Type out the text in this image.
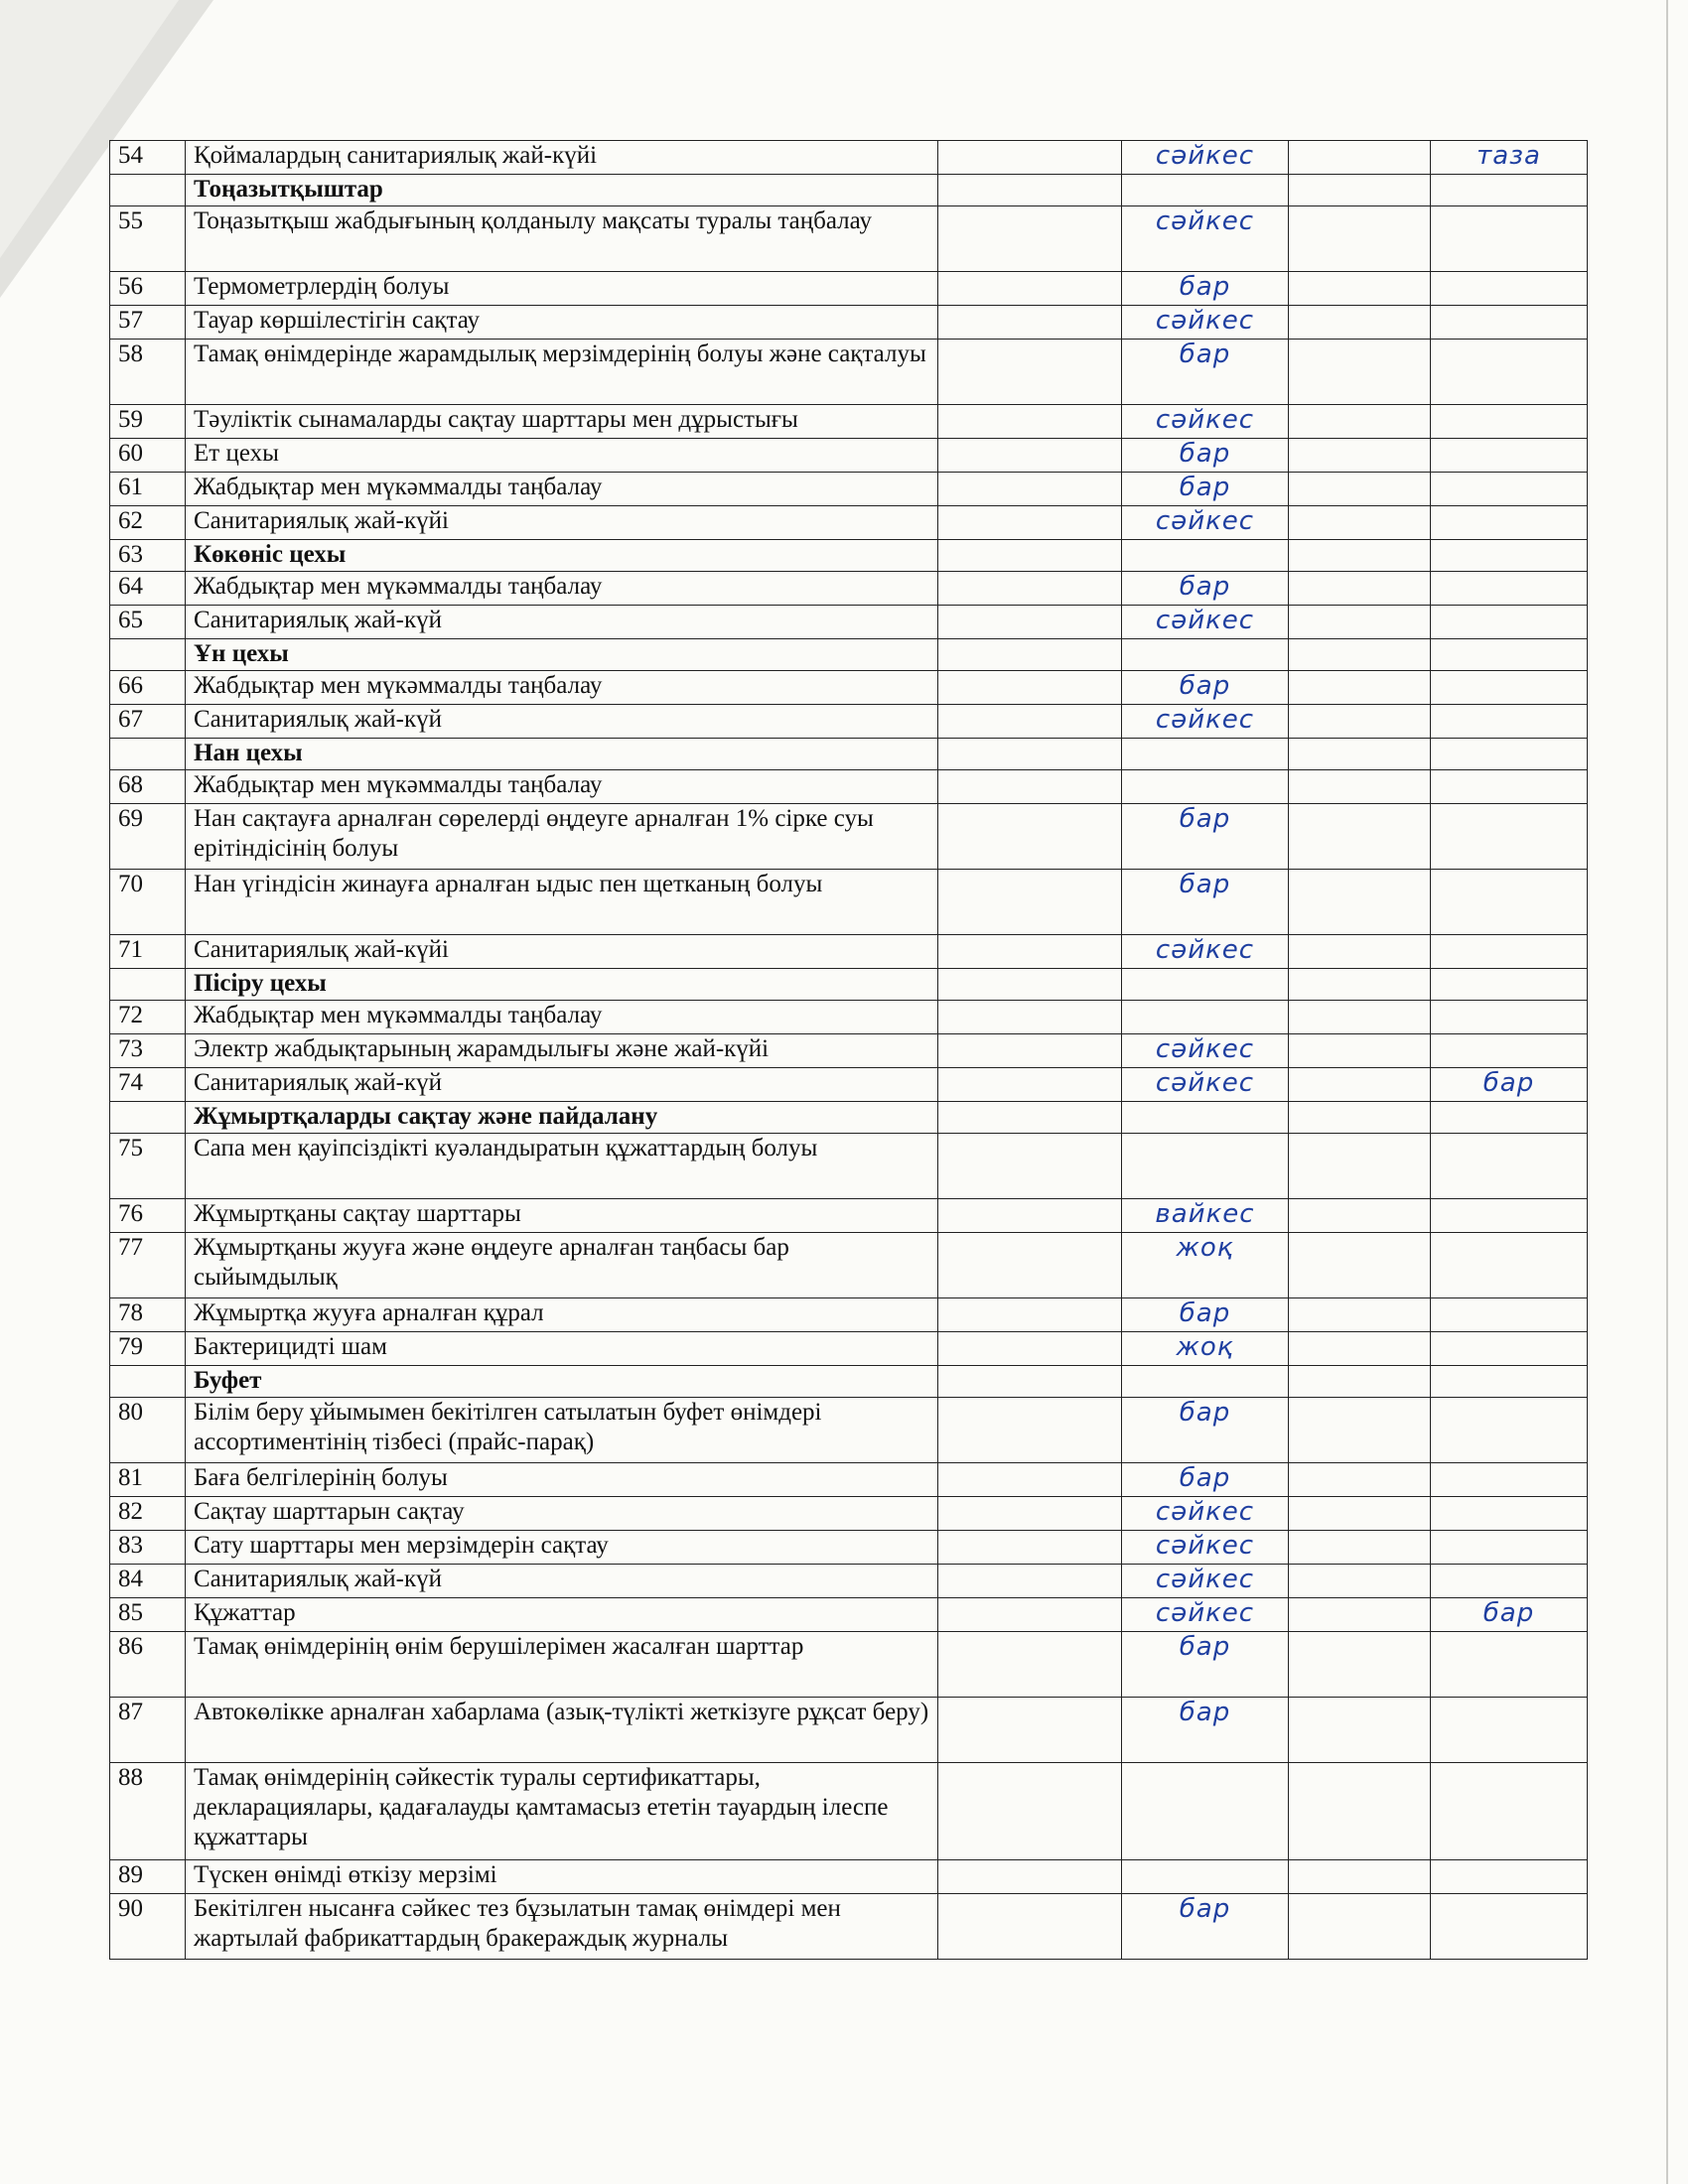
54	Қоймалардың санитариялық жай-күйі		сәйкес		таза
	Тоңазытқыштар				
55	Тоңазытқыш жабдығының қолданылу мақсаты туралы таңбалау		сәйкес		
56	Термометрлердің болуы		бар		
57	Тауар көршілестігін сақтау		сәйкес		
58	Тамақ өнімдерінде жарамдылық мерзімдерінің болуы және сақталуы		бар		
59	Тәуліктік сынамаларды сақтау шарттары мен дұрыстығы		сәйкес		
60	Ет цехы		бар		
61	Жабдықтар мен мүкәммалды таңбалау		бар		
62	Санитариялық жай-күйі		сәйкес		
63	Көкөніс цехы				
64	Жабдықтар мен мүкәммалды таңбалау		бар		
65	Санитариялық жай-күй		сәйкес		
	Ұн цехы				
66	Жабдықтар мен мүкәммалды таңбалау		бар		
67	Санитариялық жай-күй		сәйкес		
	Нан цехы				
68	Жабдықтар мен мүкәммалды таңбалау				
69	Нан сақтауға арналған сөрелерді өңдеуге арналған 1% сірке суы ерітіндісінің болуы		бар		
70	Нан үгіндісін жинауға арналған ыдыс пен щетканың болуы		бар		
71	Санитариялық жай-күйі		сәйкес		
	Пісіру цехы				
72	Жабдықтар мен мүкәммалды таңбалау				
73	Электр жабдықтарының жарамдылығы және жай-күйі		сәйкес		
74	Санитариялық жай-күй		сәйкес		бар
	Жұмыртқаларды сақтау және пайдалану				
75	Сапа мен қауіпсіздікті куәландыратын құжаттардың болуы				
76	Жұмыртқаны сақтау шарттары		вайкес		
77	Жұмыртқаны жууға және өңдеуге арналған таңбасы бар сыйымдылық		жоқ		
78	Жұмыртқа жууға арналған құрал		бар		
79	Бактерицидті шам		жоқ		
	Буфет				
80	Білім беру ұйымымен бекітілген сатылатын буфет өнімдері ассортиментінің тізбесі (прайс-парақ)		бар		
81	Баға белгілерінің болуы		бар		
82	Сақтау шарттарын сақтау		сәйкес		
83	Сату шарттары мен мерзімдерін сақтау		сәйкес		
84	Санитариялық жай-күй		сәйкес		
85	Құжаттар		сәйкес		бар
86	Тамақ өнімдерінің өнім берушілерімен жасалған шарттар		бар		
87	Автокөлікке арналған хабарлама (азық-түлікті жеткізуге рұқсат беру)		бар		
88	Тамақ өнімдерінің сәйкестік туралы сертификаттары, декларациялары, қадағалауды қамтамасыз ететін тауардың ілеспе құжаттары				
89	Түскен өнімді өткізу мерзімі				
90	Бекітілген нысанға сәйкес тез бұзылатын тамақ өнімдері мен жартылай фабрикаттардың бракераждық журналы		бар		
